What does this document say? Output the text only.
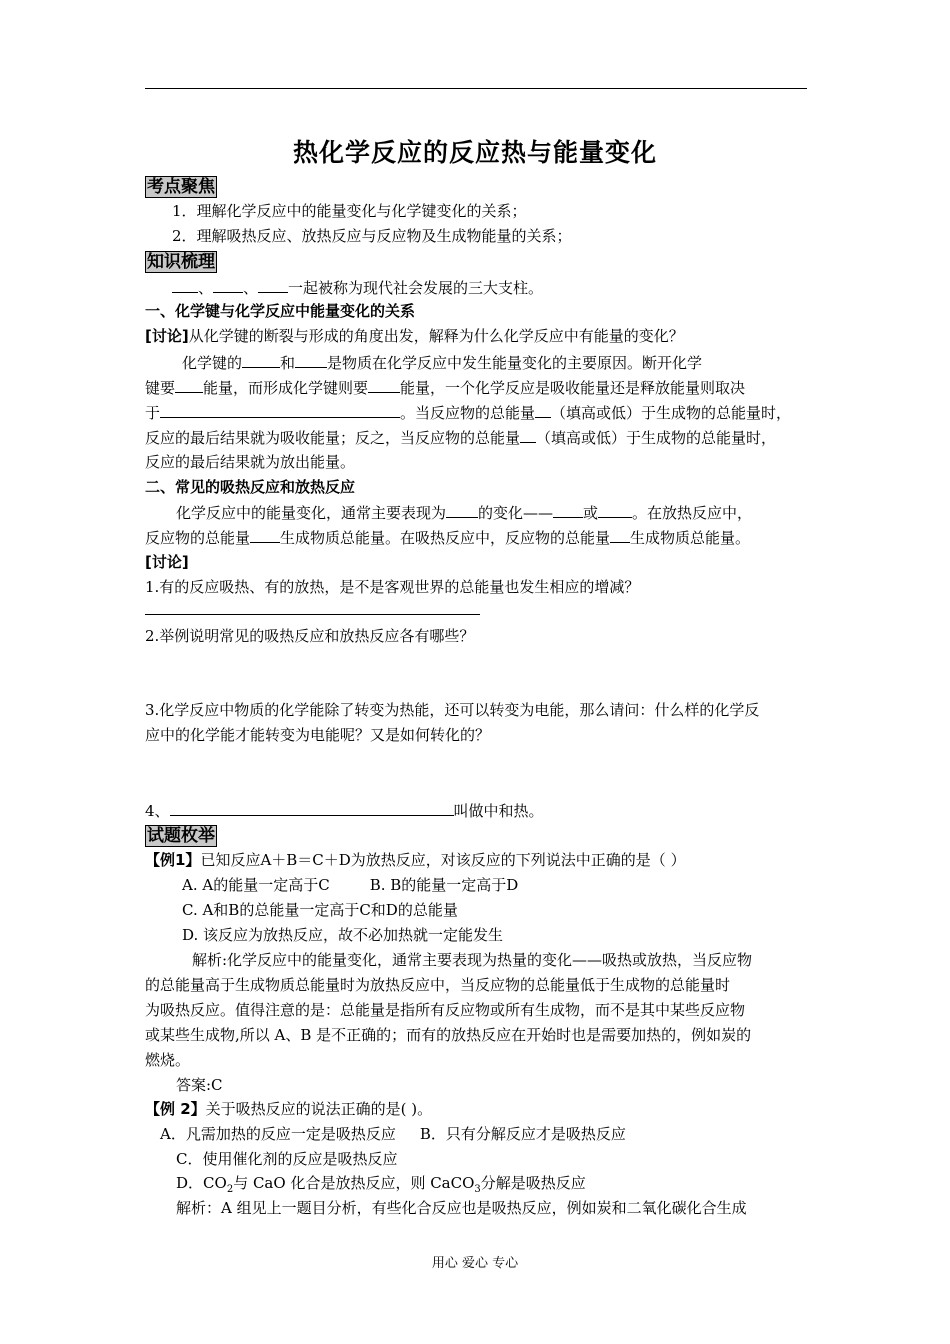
热化学反应的反应热与能量变化
考点聚焦
1．理解化学反应中的能量变化与化学键变化的关系；
2．理解吸热反应、放热反应与反应物及生成物能量的关系；
知识梳理
、 、 一起被称为现代社会发展的三大支柱。
一、化学键与化学反应中能量变化的关系
[讨论]从化学键的断裂与形成的角度出发，解释为什么化学反应中有能量的变化？
化学键的	和 是物质在化学反应中发生能量变化的主要原因。断开化学
键要 能量，而形成化学键则要 能量，一个化学反应是吸收能量还是释放能量则取决
于	。当反应物的总能量 （填高或低）于生成物的总能量时，
反应的最后结果就为吸收能量；反之，当反应物的总能量 （填高或低）于生成物的总能量时，
反应的最后结果就为放出能量。
二、常见的吸热反应和放热反应
化学反应中的能量变化，通常主要表现为 的变化—— 或 。在放热反应中，
反应物的总能量 生成物质总能量。在吸热反应中，反应物的总能量 生成物质总能量。
[讨论]
1.有的反应吸热、有的放热，是不是客观世界的总能量也发生相应的增减？
2.举例说明常见的吸热反应和放热反应各有哪些？
3.化学反应中物质的化学能除了转变为热能，还可以转变为电能，那么请问：什么样的化学反
应中的化学能才能转变为电能呢？又是如何转化的？
4、	叫做中和热。
试题枚举
【例1】已知反应A＋B＝C＋D为放热反应，对该反应的下列说法中正确的是（ ）
A. A的能量一定高于C	B. B的能量一定高于D
C. A和B的总能量一定高于C和D的总能量
D. 该反应为放热反应，故不必加热就一定能发生
解析:化学反应中的能量变化，通常主要表现为热量的变化——吸热或放热，当反应物
的总能量高于生成物质总能量时为放热反应中，当反应物的总能量低于生成物的总能量时
为吸热反应。值得注意的是：总能量是指所有反应物或所有生成物，而不是其中某些反应物
或某些生成物,所以 A、B 是不正确的；而有的放热反应在开始时也是需要加热的，例如炭的
燃烧。
答案:C
【例 2】关于吸热反应的说法正确的是( )。
A．凡需加热的反应一定是吸热反应 B．只有分解反应才是吸热反应
C．使用催化剂的反应是吸热反应
D．$CO_2$与 CaO 化合是放热反应，则 CaCO$_3$分解是吸热反应
解析：A 组见上一题目分析，有些化合反应也是吸热反应，例如炭和二氧化碳化合生成
用心 爱心 专心
